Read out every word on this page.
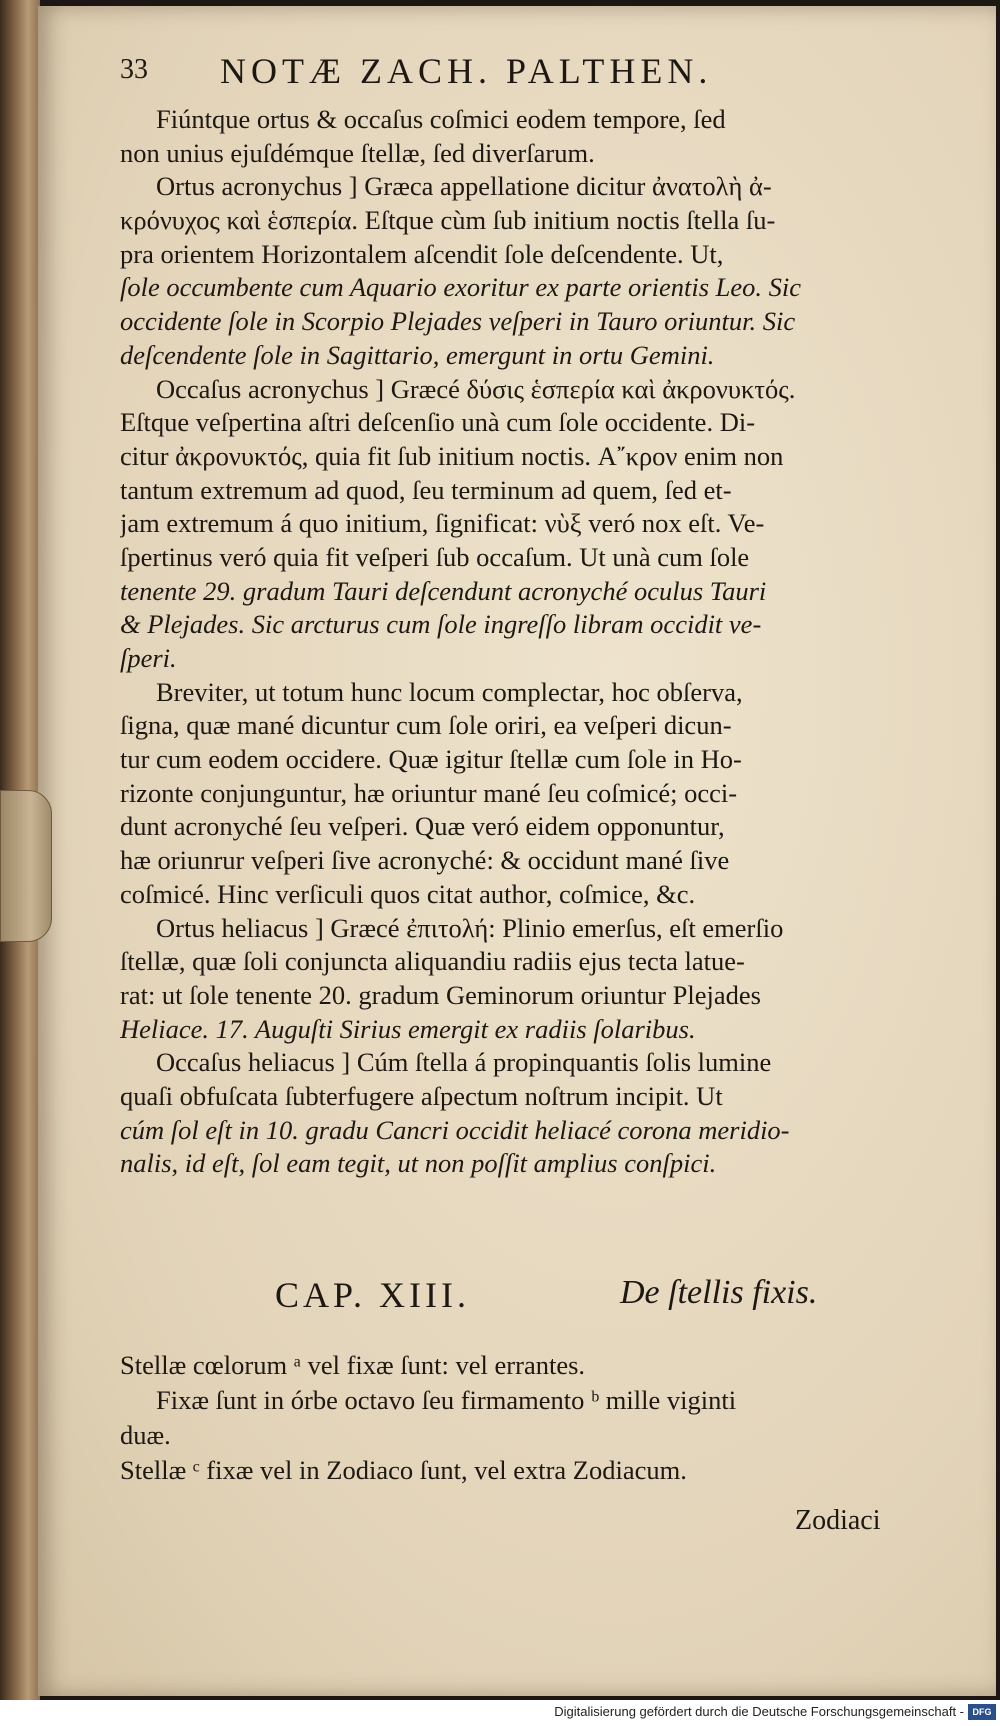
33 NOTÆ ZACH. PALTHEN.
Fiúntque ortus & occaſus coſmici eodem tempore, ſed
non unius ejuſdémque ſtellæ, ſed diverſarum.
Ortus acronychus ] Græca appellatione dicitur ἀνατολὴ ἀ-
κρόνυχος καὶ ἑσπερία. Eſtque cùm ſub initium noctis ſtella ſu-
pra orientem Horizontalem aſcendit ſole deſcendente. Ut,
ſole occumbente cum Aquario exoritur ex parte orientis Leo. Sic
occidente ſole in Scorpio Plejades veſperi in Tauro oriuntur. Sic
deſcendente ſole in Sagittario, emergunt in ortu Gemini.
Occaſus acronychus ] Græcé δύσις ἑσπερία καὶ ἀκρονυκτός.
Eſtque veſpertina aſtri deſcenſio unà cum ſole occidente. Di-
citur ἀκρονυκτός, quia fit ſub initium noctis. Α῎κρον enim non
tantum extremum ad quod, ſeu terminum ad quem, ſed et-
jam extremum á quo initium, ſignificat: νὺξ veró nox eſt. Ve-
ſpertinus veró quia fit veſperi ſub occaſum. Ut unà cum ſole
tenente 29. gradum Tauri deſcendunt acronyché oculus Tauri
& Plejades. Sic arcturus cum ſole ingreſſo libram occidit ve-
ſperi.
Breviter, ut totum hunc locum complectar, hoc obſerva,
ſigna, quæ mané dicuntur cum ſole oriri, ea veſperi dicun-
tur cum eodem occidere. Quæ igitur ſtellæ cum ſole in Ho-
rizonte conjunguntur, hæ oriuntur mané ſeu coſmicé; occi-
dunt acronyché ſeu veſperi. Quæ veró eidem opponuntur,
hæ oriunrur veſperi ſive acronyché: & occidunt mané ſive
coſmicé. Hinc verſiculi quos citat author, coſmice, &c.
Ortus heliacus ] Græcé ἐπιτολή: Plinio emerſus, eſt emerſio
ſtellæ, quæ ſoli conjuncta aliquandiu radiis ejus tecta latue-
rat: ut ſole tenente 20. gradum Geminorum oriuntur Plejades
Heliace. 17. Auguſti Sirius emergit ex radiis ſolaribus.
Occaſus heliacus ] Cúm ſtella á propinquantis ſolis lumine
quaſi obfuſcata ſubterfugere aſpectum noſtrum incipit. Ut
cúm ſol eſt in 10. gradu Cancri occidit heliacé corona meridio-
nalis, id eſt, ſol eam tegit, ut non poſſit amplius conſpici.
CAP. XIII.	De ſtellis fixis.
Stellæ cœlorum ᵃ vel fixæ ſunt: vel errantes.
Fixæ ſunt in órbe octavo ſeu firmamento ᵇ mille viginti
duæ.
Stellæ ᶜ fixæ vel in Zodiaco ſunt, vel extra Zodiacum.
Zodiaci
Digitalisierung gefördert durch die Deutsche Forschungsgemeinschaft - DFG
